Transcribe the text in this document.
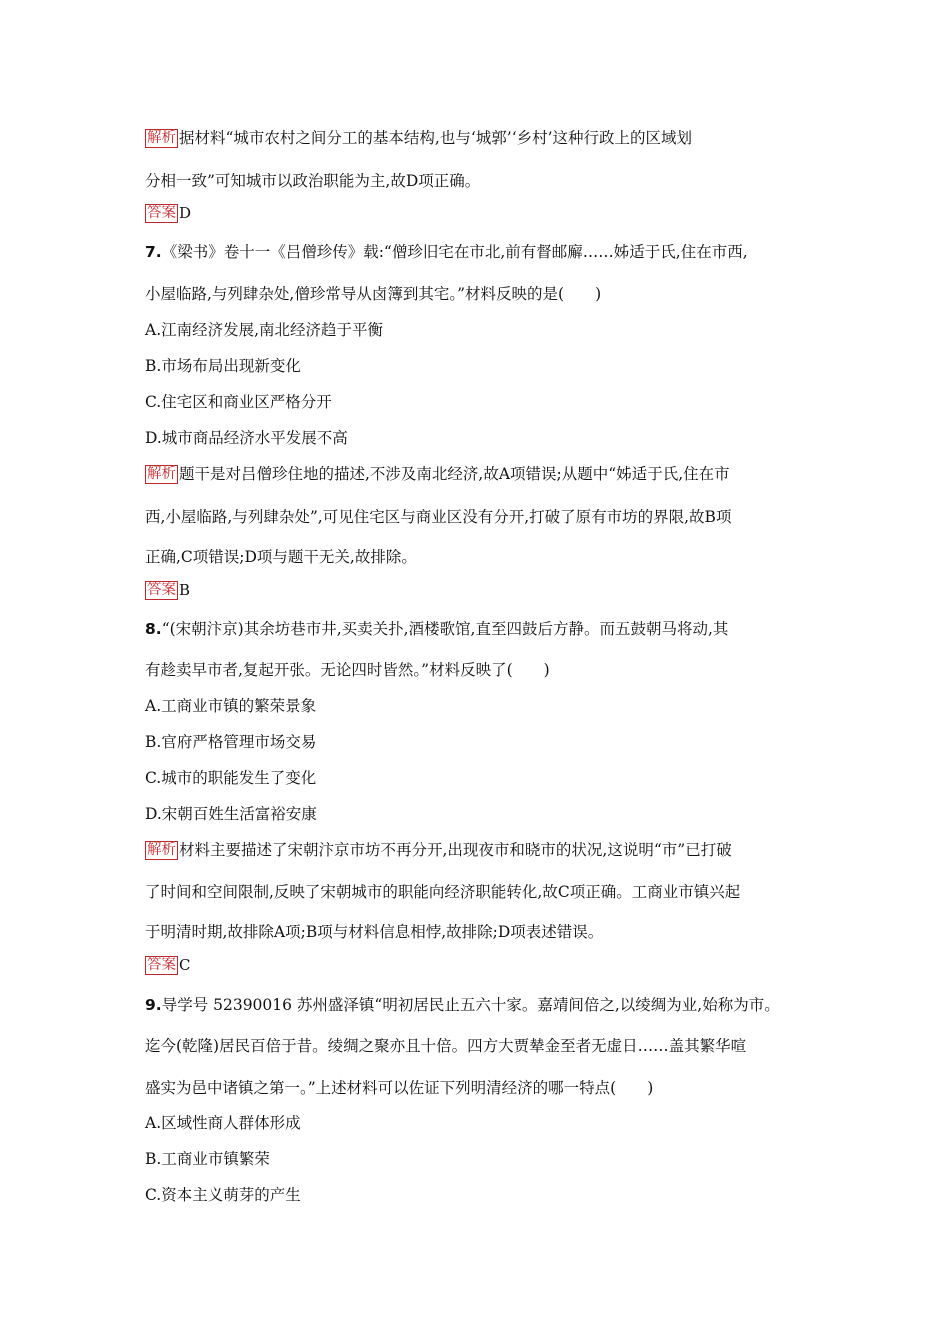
解析 据材料“城市农村之间分工的基本结构,也与‘城郭’‘乡村’这种行政上的区域划
分相一致”可知城市以政治职能为主,故D项正确。
答案 D
7.《梁书》卷十一《吕僧珍传》载:“僧珍旧宅在市北,前有督邮廨……姊适于氏,住在市西,
小屋临路,与列肆杂处,僧珍常导从卤簿到其宅。”材料反映的是(　　)
A.江南经济发展,南北经济趋于平衡
B.市场布局出现新变化
C.住宅区和商业区严格分开
D.城市商品经济水平发展不高
解析 题干是对吕僧珍住地的描述,不涉及南北经济,故A项错误;从题中“姊适于氏,住在市
西,小屋临路,与列肆杂处”,可见住宅区与商业区没有分开,打破了原有市坊的界限,故B项
正确,C项错误;D项与题干无关,故排除。
答案 B
8.“(宋朝汴京)其余坊巷市井,买卖关扑,酒楼歌馆,直至四鼓后方静。而五鼓朝马将动,其
有趁卖早市者,复起开张。无论四时皆然。”材料反映了(　　)
A.工商业市镇的繁荣景象
B.官府严格管理市场交易
C.城市的职能发生了变化
D.宋朝百姓生活富裕安康
解析 材料主要描述了宋朝汴京市坊不再分开,出现夜市和晓市的状况,这说明“市”已打破
了时间和空间限制,反映了宋朝城市的职能向经济职能转化,故C项正确。工商业市镇兴起
于明清时期,故排除A项;B项与材料信息相悖,故排除;D项表述错误。
答案 C
9.导学号 52390016 苏州盛泽镇“明初居民止五六十家。嘉靖间倍之,以绫绸为业,始称为市。
迄今(乾隆)居民百倍于昔。绫绸之聚亦且十倍。四方大贾辇金至者无虚日……盖其繁华喧
盛实为邑中诸镇之第一。”上述材料可以佐证下列明清经济的哪一特点(　　)
A.区域性商人群体形成
B.工商业市镇繁荣
C.资本主义萌芽的产生
